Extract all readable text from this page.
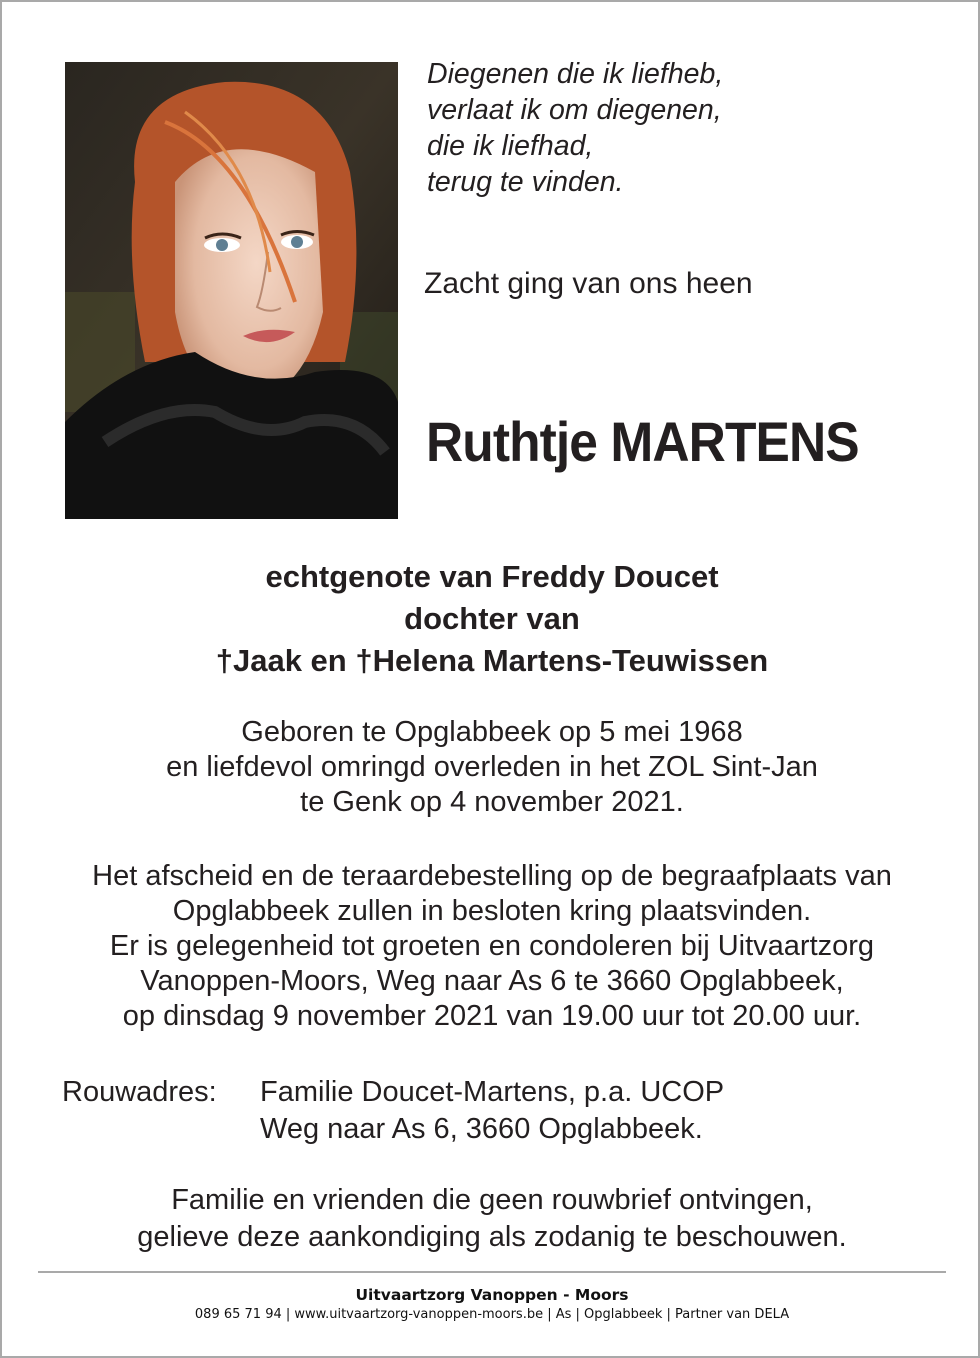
Diegenen die ik liefheb,
verlaat ik om diegenen,
die ik liefhad,
terug te vinden.
Zacht ging van ons heen
Ruthtje MARTENS
echtgenote van Freddy Doucet
dochter van
†Jaak en †Helena Martens-Teuwissen
Geboren te Opglabbeek op 5 mei 1968
en liefdevol omringd overleden in het ZOL Sint-Jan
te Genk op 4 november 2021.
Het afscheid en de teraardebestelling op de begraafplaats van
Opglabbeek zullen in besloten kring plaatsvinden.
Er is gelegenheid tot groeten en condoleren bij Uitvaartzorg
Vanoppen-Moors, Weg naar As 6 te 3660 Opglabbeek,
op dinsdag 9 november 2021 van 19.00 uur tot 20.00 uur.
Rouwadres: Familie Doucet-Martens, p.a. UCOP
Weg naar As 6, 3660 Opglabbeek.
Familie en vrienden die geen rouwbrief ontvingen,
gelieve deze aankondiging als zodanig te beschouwen.
Uitvaartzorg Vanoppen - Moors
089 65 71 94 | www.uitvaartzorg-vanoppen-moors.be | As | Opglabbeek | Partner van DELA
